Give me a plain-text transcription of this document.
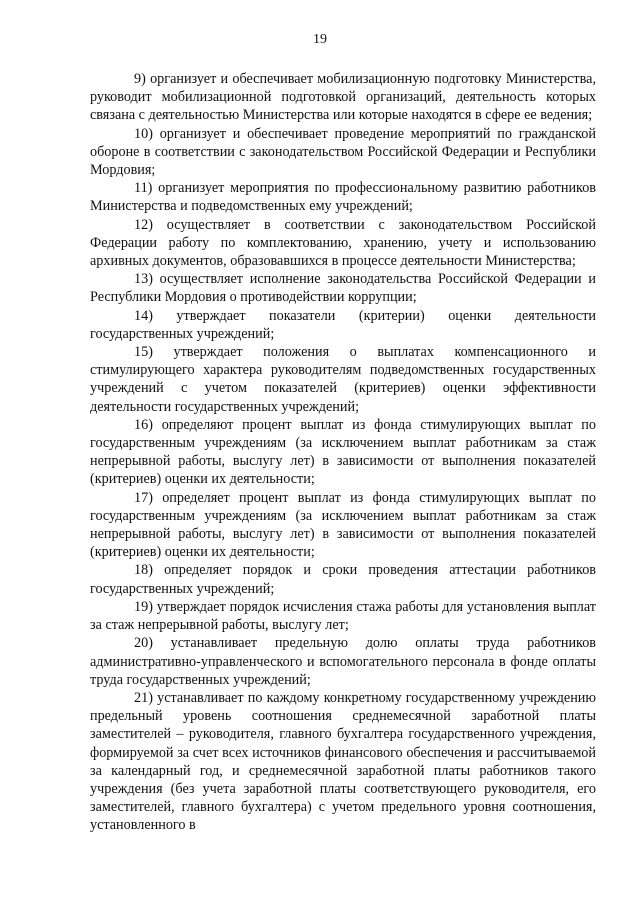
19

9) организует и обеспечивает мобилизационную подготовку Министерства, руководит мобилизационной подготовкой организаций, деятельность которых связана с деятельностью Министерства или которые находятся в сфере ее ведения;

10) организует и обеспечивает проведение мероприятий по гражданской обороне в соответствии с законодательством Российской Федерации и Республики Мордовия;

11) организует мероприятия по профессиональному развитию работников Министерства и подведомственных ему учреждений;

12) осуществляет в соответствии с законодательством Российской Федерации работу по комплектованию, хранению, учету и использованию архивных документов, образовавшихся в процессе деятельности Министерства;

13) осуществляет исполнение законодательства Российской Федерации и Республики Мордовия о противодействии коррупции;

14) утверждает показатели (критерии) оценки деятельности государственных учреждений;

15) утверждает положения о выплатах компенсационного и стимулирующего характера руководителям подведомственных государственных учреждений с учетом показателей (критериев) оценки эффективности деятельности государственных учреждений;

16) определяют процент выплат из фонда стимулирующих выплат по государственным учреждениям (за исключением выплат работникам за стаж непрерывной работы, выслугу лет) в зависимости от выполнения показателей (критериев) оценки их деятельности;

17) определяет процент выплат из фонда стимулирующих выплат по государственным учреждениям (за исключением выплат работникам за стаж непрерывной работы, выслугу лет) в зависимости от выполнения показателей (критериев) оценки их деятельности;

18) определяет порядок и сроки проведения аттестации работников государственных учреждений;

19) утверждает порядок исчисления стажа работы для установления выплат за стаж непрерывной работы, выслугу лет;

20) устанавливает предельную долю оплаты труда работников административно-управленческого и вспомогательного персонала в фонде оплаты труда государственных учреждений;

21) устанавливает по каждому конкретному государственному учреждению предельный уровень соотношения среднемесячной заработной платы заместителей – руководителя, главного бухгалтера государственного учреждения, формируемой за счет всех источников финансового обеспечения и рассчитываемой за календарный год, и среднемесячной заработной платы работников такого учреждения (без учета заработной платы соответствующего руководителя, его заместителей, главного бухгалтера) с учетом предельного уровня соотношения, установленного в
